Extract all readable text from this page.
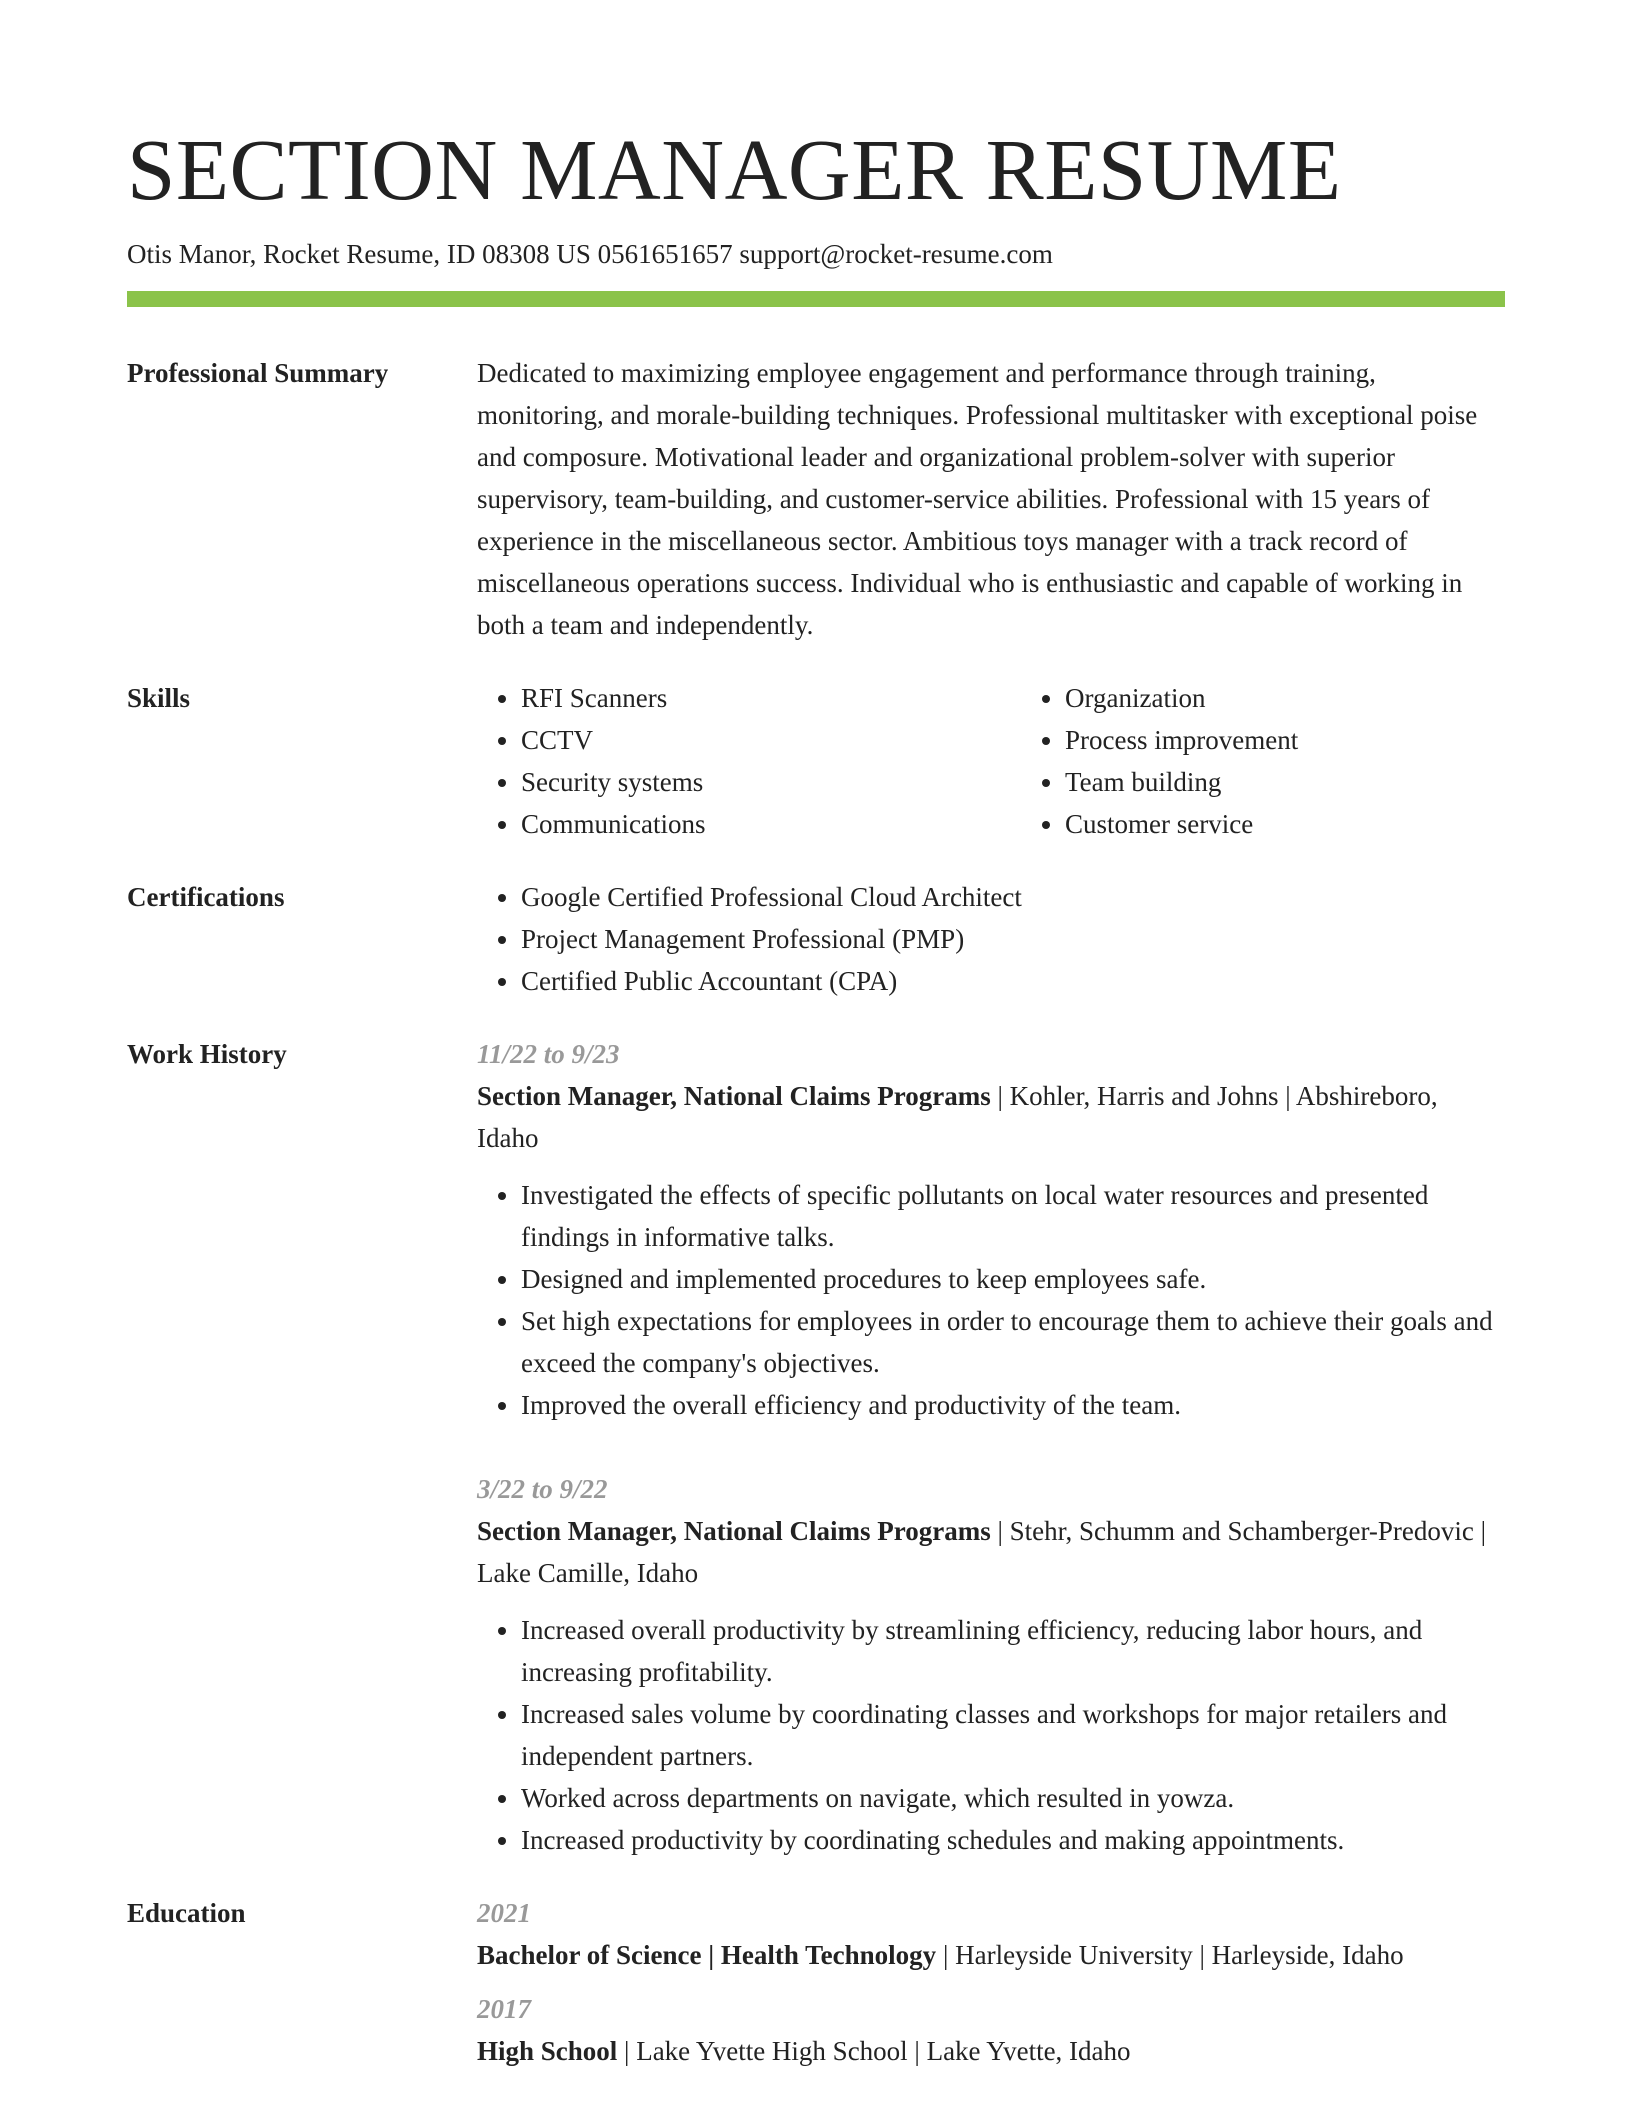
SECTION MANAGER RESUME
Otis Manor, Rocket Resume, ID 08308 US 0561651657 support@rocket-resume.com
Professional Summary	Dedicated to maximizing employee engagement and performance through training, monitoring, and morale-building techniques. Professional multitasker with exceptional poise and composure. Motivational leader and organizational problem-solver with superior supervisory, team-building, and customer-service abilities. Professional with 15 years of experience in the miscellaneous sector. Ambitious toys manager with a track record of miscellaneous operations success. Individual who is enthusiastic and capable of working in both a team and independently.

Skills	• RFI Scanners
• CCTV
• Security systems
• Communications
• Organization
• Process improvement
• Team building
• Customer service
Certifications	• Google Certified Professional Cloud Architect
• Project Management Professional (PMP)
• Certified Public Accountant (CPA)
Work History	11/22 to 9/23
Section Manager, National Claims Programs | Kohler, Harris and Johns | Abshireboro, Idaho
• Investigated the effects of specific pollutants on local water resources and presented findings in informative talks.
• Designed and implemented procedures to keep employees safe.
• Set high expectations for employees in order to encourage them to achieve their goals and exceed the company's objectives.
• Improved the overall efficiency and productivity of the team.
3/22 to 9/22
Section Manager, National Claims Programs | Stehr, Schumm and Schamberger-Predovic | Lake Camille, Idaho
• Increased overall productivity by streamlining efficiency, reducing labor hours, and increasing profitability.
• Increased sales volume by coordinating classes and workshops for major retailers and independent partners.
• Worked across departments on navigate, which resulted in yowza.
• Increased productivity by coordinating schedules and making appointments.
Education	2021
Bachelor of Science | Health Technology | Harleyside University | Harleyside, Idaho
2017
High School | Lake Yvette High School | Lake Yvette, Idaho
